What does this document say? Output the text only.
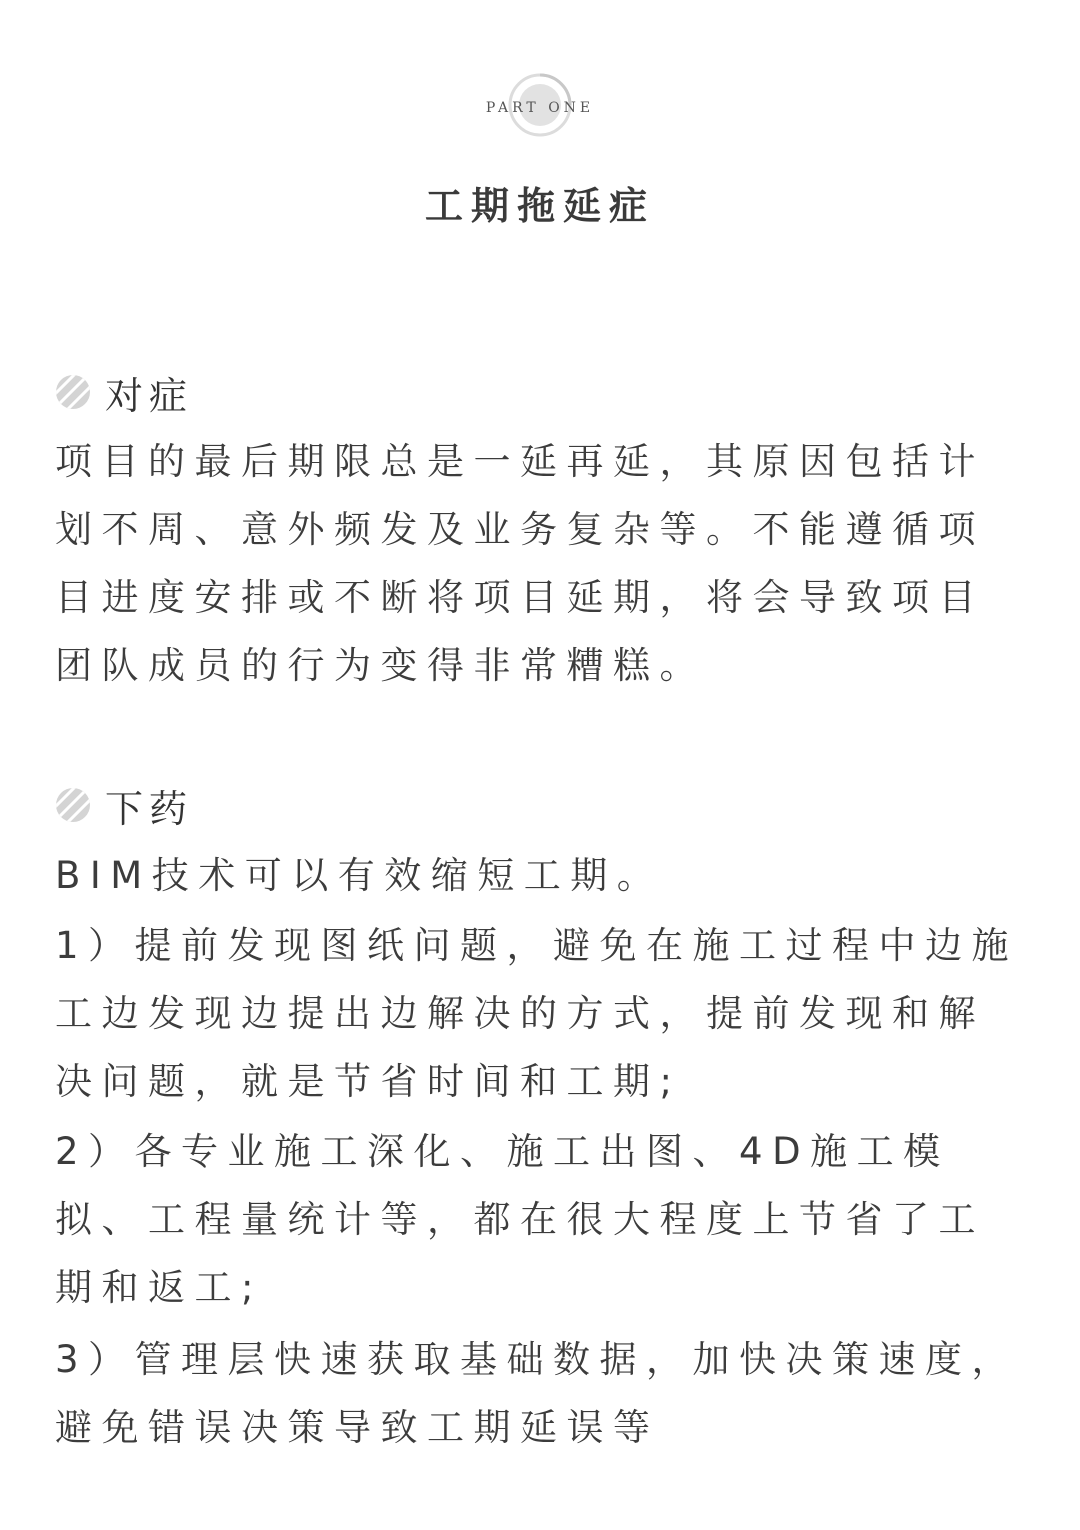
PART ONE
工期拖延症
对症

项目的最后期限总是一延再延，其原因包括计划不周、意外频发及业务复杂等。不能遵循项目进度安排或不断将项目延期，将会导致项目团队成员的行为变得非常糟糕。

下药

BIM技术可以有效缩短工期。

1）提前发现图纸问题，避免在施工过程中边施工边发现边提出边解决的方式，提前发现和解决问题，就是节省时间和工期;

2）各专业施工深化、施工出图、4D施工模拟、工程量统计等，都在很大程度上节省了工期和返工;

3）管理层快速获取基础数据，加快决策速度，避免错误决策导致工期延误等
